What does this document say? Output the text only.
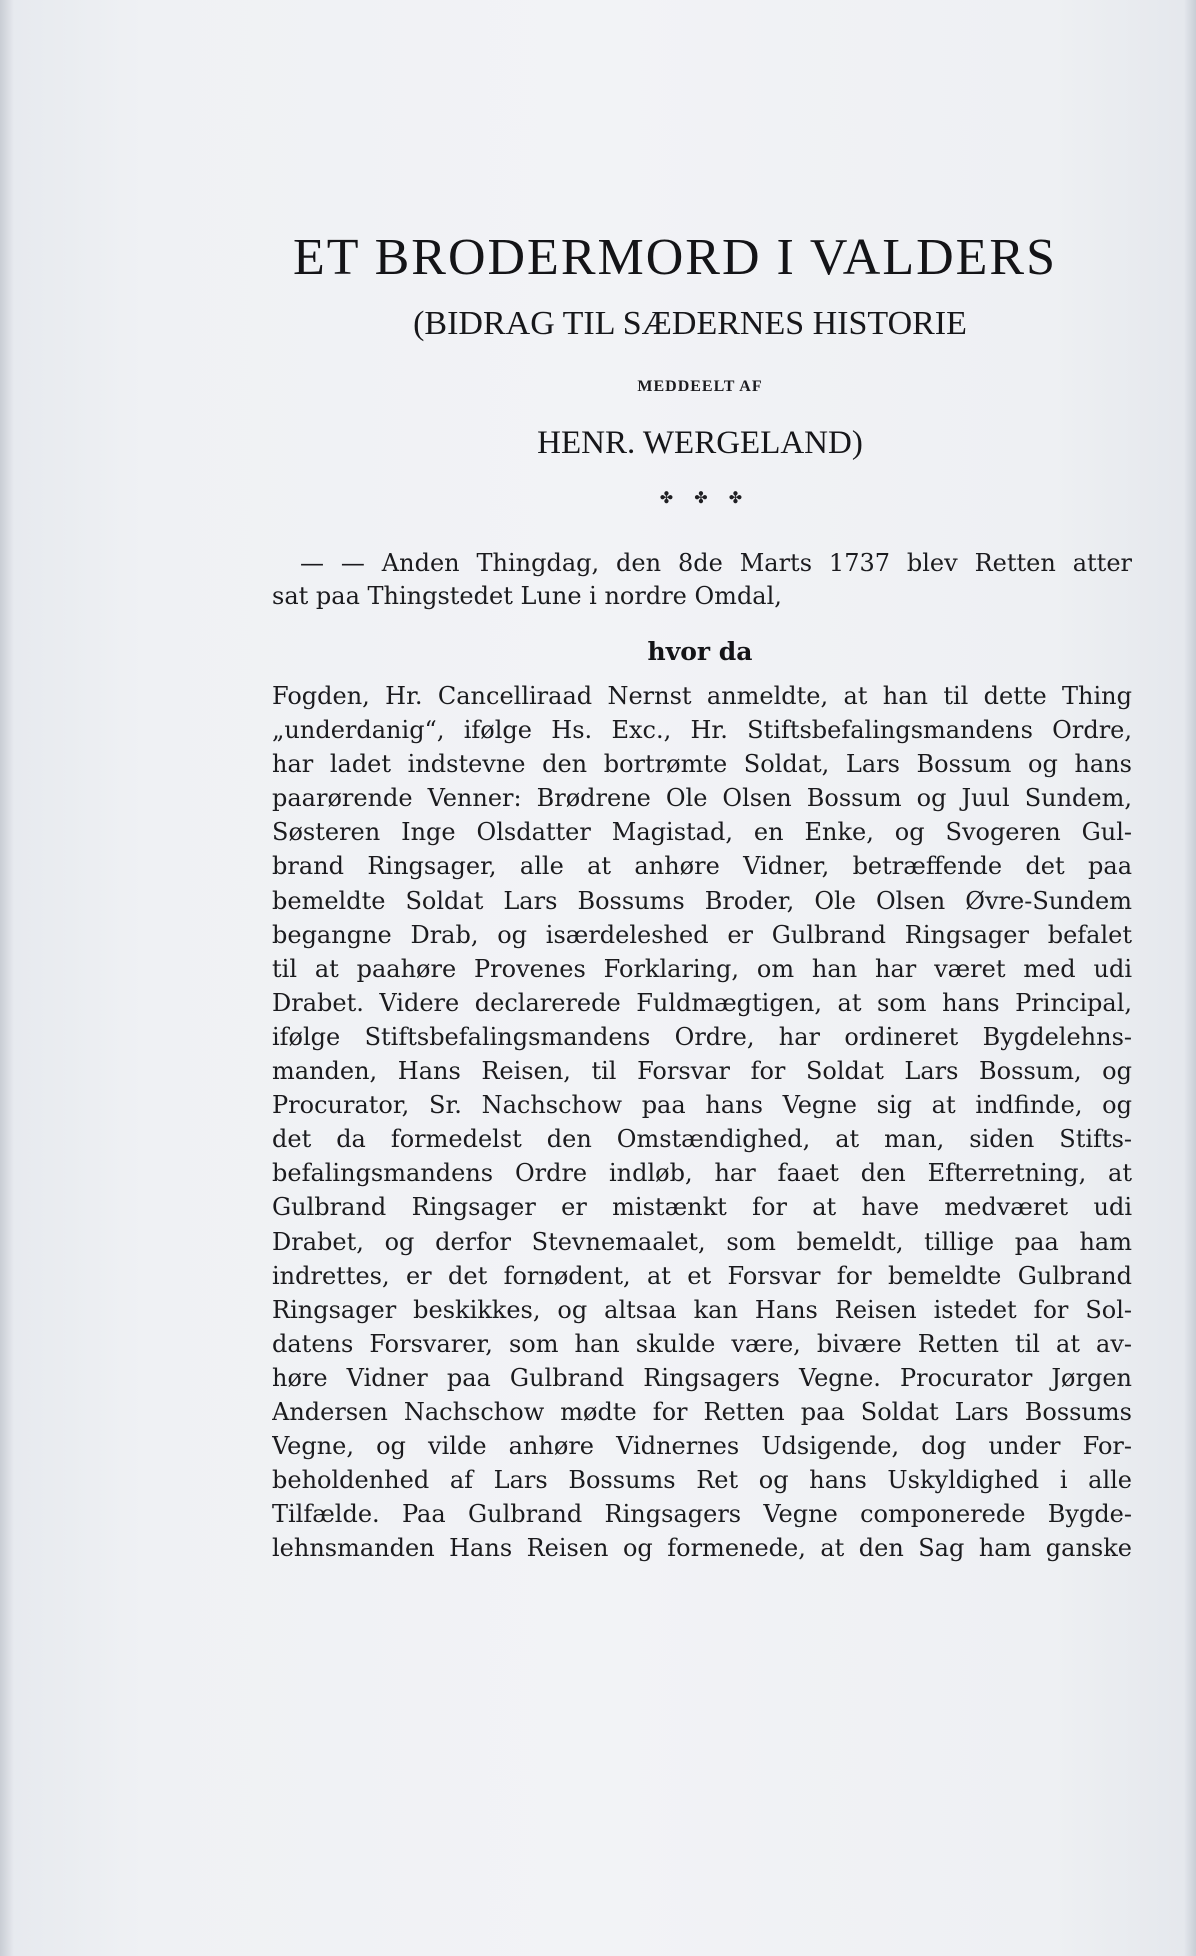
ET BRODERMORD I VALDERS
(BIDRAG TIL SÆDERNES HISTORIE
MEDDEELT AF
HENR. WERGELAND)
✤ ✤ ✤
— — Anden Thingdag, den 8de Marts 1737 blev Retten atter
sat paa Thingstedet Lune i nordre Omdal,
hvor da
Fogden, Hr. Cancelliraad Nernst anmeldte, at han til dette Thing
„underdanig“, ifølge Hs. Exc., Hr. Stiftsbefalingsmandens Ordre,
har ladet indstevne den bortrømte Soldat, Lars Bossum og hans
paarørende Venner: Brødrene Ole Olsen Bossum og Juul Sundem,
Søsteren Inge Olsdatter Magistad, en Enke, og Svogeren Gul-
brand Ringsager, alle at anhøre Vidner, betræffende det paa
bemeldte Soldat Lars Bossums Broder, Ole Olsen Øvre-Sundem
begangne Drab, og isærdeleshed er Gulbrand Ringsager befalet
til at paahøre Provenes Forklaring, om han har været med udi
Drabet. Videre declarerede Fuldmægtigen, at som hans Principal,
ifølge Stiftsbefalingsmandens Ordre, har ordineret Bygdelehns-
manden, Hans Reisen, til Forsvar for Soldat Lars Bossum, og
Procurator, Sr. Nachschow paa hans Vegne sig at indfinde, og
det da formedelst den Omstændighed, at man, siden Stifts-
befalingsmandens Ordre indløb, har faaet den Efterretning, at
Gulbrand Ringsager er mistænkt for at have medværet udi
Drabet, og derfor Stevnemaalet, som bemeldt, tillige paa ham
indrettes, er det fornødent, at et Forsvar for bemeldte Gulbrand
Ringsager beskikkes, og altsaa kan Hans Reisen istedet for Sol-
datens Forsvarer, som han skulde være, bivære Retten til at av-
høre Vidner paa Gulbrand Ringsagers Vegne. Procurator Jørgen
Andersen Nachschow mødte for Retten paa Soldat Lars Bossums
Vegne, og vilde anhøre Vidnernes Udsigende, dog under For-
beholdenhed af Lars Bossums Ret og hans Uskyldighed i alle
Tilfælde. Paa Gulbrand Ringsagers Vegne componerede Bygde-
lehnsmanden Hans Reisen og formenede, at den Sag ham ganske
